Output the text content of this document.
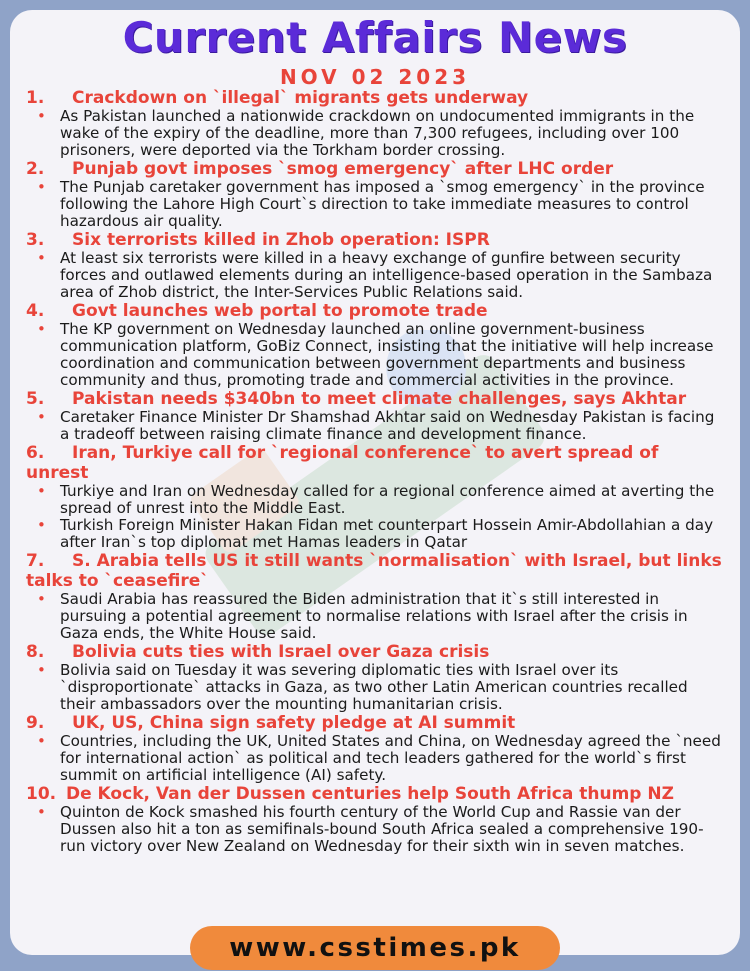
Current Affairs News
NOV 02 2023
1. Crackdown on `illegal` migrants gets underway
• As Pakistan launched a nationwide crackdown on undocumented immigrants in the wake of the expiry of the deadline, more than 7,300 refugees, including over 100 prisoners, were deported via the Torkham border crossing.
2. Punjab govt imposes `smog emergency` after LHC order
• The Punjab caretaker government has imposed a `smog emergency` in the province following the Lahore High Court`s direction to take immediate measures to control hazardous air quality.
3. Six terrorists killed in Zhob operation: ISPR
• At least six terrorists were killed in a heavy exchange of gunfire between security forces and outlawed elements during an intelligence-based operation in the Sambaza area of Zhob district, the Inter-Services Public Relations said.
4. Govt launches web portal to promote trade
• The KP government on Wednesday launched an online government-business communication platform, GoBiz Connect, insisting that the initiative will help increase coordination and communication between government departments and business community and thus, promoting trade and commercial activities in the province.
5. Pakistan needs $340bn to meet climate challenges, says Akhtar
• Caretaker Finance Minister Dr Shamshad Akhtar said on Wednesday Pakistan is facing a tradeoff between raising climate finance and development finance.
6. Iran, Turkiye call for `regional conference` to avert spread of unrest
• Turkiye and Iran on Wednesday called for a regional conference aimed at averting the spread of unrest into the Middle East.
• Turkish Foreign Minister Hakan Fidan met counterpart Hossein Amir-Abdollahian a day after Iran`s top diplomat met Hamas leaders in Qatar
7. S. Arabia tells US it still wants `normalisation` with Israel, but links talks to `ceasefire`
• Saudi Arabia has reassured the Biden administration that it`s still interested in pursuing a potential agreement to normalise relations with Israel after the crisis in Gaza ends, the White House said.
8. Bolivia cuts ties with Israel over Gaza crisis
• Bolivia said on Tuesday it was severing diplomatic ties with Israel over its `disproportionate` attacks in Gaza, as two other Latin American countries recalled their ambassadors over the mounting humanitarian crisis.
9. UK, US, China sign safety pledge at AI summit
• Countries, including the UK, United States and China, on Wednesday agreed the `need for international action` as political and tech leaders gathered for the world`s first summit on artificial intelligence (AI) safety.
10. De Kock, Van der Dussen centuries help South Africa thump NZ
• Quinton de Kock smashed his fourth century of the World Cup and Rassie van der Dussen also hit a ton as semifinals-bound South Africa sealed a comprehensive 190-run victory over New Zealand on Wednesday for their sixth win in seven matches.
www.csstimes.pk
